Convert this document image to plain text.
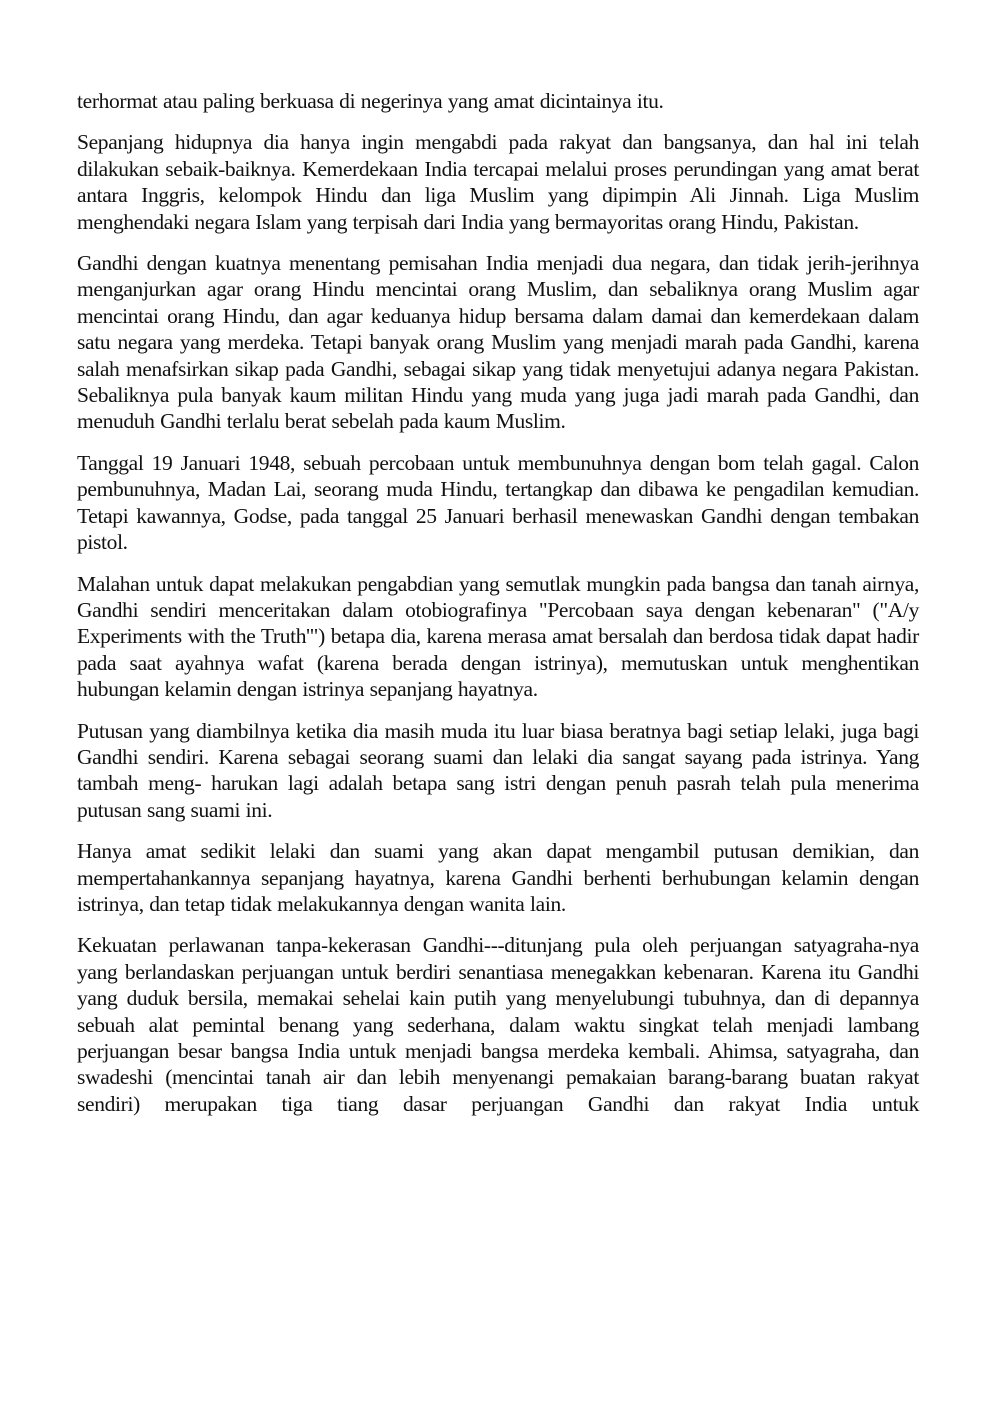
terhormat atau paling berkuasa di negerinya yang amat dicintainya itu.

Sepanjang hidupnya dia hanya ingin mengabdi pada rakyat dan bangsanya, dan hal ini telah dilakukan sebaik-baiknya. Kemerdekaan India tercapai melalui proses perundingan yang amat berat antara Inggris, kelompok Hindu dan liga Muslim yang dipimpin Ali Jinnah. Liga Muslim menghendaki negara Islam yang terpisah dari India yang bermayoritas orang Hindu, Pakistan.

Gandhi dengan kuatnya menentang pemisahan India menjadi dua negara, dan tidak jerih-jerihnya menganjurkan agar orang Hindu mencintai orang Muslim, dan sebaliknya orang Muslim agar mencintai orang Hindu, dan agar keduanya hidup bersama dalam damai dan kemerdekaan dalam satu negara yang merdeka. Tetapi banyak orang Muslim yang menjadi marah pada Gandhi, karena salah menafsirkan sikap pada Gandhi, sebagai sikap yang tidak menyetujui adanya negara Pakistan. Sebaliknya pula banyak kaum militan Hindu yang muda yang juga jadi marah pada Gandhi, dan menuduh Gandhi terlalu berat sebelah pada kaum Muslim.

Tanggal 19 Januari 1948, sebuah percobaan untuk membunuhnya dengan bom telah gagal. Calon pembunuhnya, Madan Lai, seorang muda Hindu, tertangkap dan dibawa ke pengadilan kemudian. Tetapi kawannya, Godse, pada tanggal 25 Januari berhasil menewaskan Gandhi dengan tembakan pistol.

Malahan untuk dapat melakukan pengabdian yang semutlak mungkin pada bangsa dan tanah airnya, Gandhi sendiri menceritakan dalam otobiografinya "Percobaan saya dengan kebenaran" ("A/y Experiments with the Truth'") betapa dia, karena merasa amat bersalah dan berdosa tidak dapat hadir pada saat ayahnya wafat (karena berada dengan istrinya), memutuskan untuk menghentikan hubungan kelamin dengan istrinya sepanjang hayatnya.

Putusan yang diambilnya ketika dia masih muda itu luar biasa beratnya bagi setiap lelaki, juga bagi Gandhi sendiri. Karena sebagai seorang suami dan lelaki dia sangat sayang pada istrinya. Yang tambah meng- harukan lagi adalah betapa sang istri dengan penuh pasrah telah pula menerima putusan sang suami ini.

Hanya amat sedikit lelaki dan suami yang akan dapat mengambil putusan demikian, dan mempertahankannya sepanjang hayatnya, karena Gandhi berhenti berhubungan kelamin dengan istrinya, dan tetap tidak melakukannya dengan wanita lain.

Kekuatan perlawanan tanpa-kekerasan Gandhi---ditunjang pula oleh perjuangan satyagraha-nya yang berlandaskan perjuangan untuk berdiri senantiasa menegakkan kebenaran. Karena itu Gandhi yang duduk bersila, memakai sehelai kain putih yang menyelubungi tubuhnya, dan di depannya sebuah alat pemintal benang yang sederhana, dalam waktu singkat telah menjadi lambang perjuangan besar bangsa India untuk menjadi bangsa merdeka kembali. Ahimsa, satyagraha, dan swadeshi (mencintai tanah air dan lebih menyenangi pemakaian barang-barang buatan rakyat sendiri) merupakan tiga tiang dasar perjuangan Gandhi dan rakyat India untuk
